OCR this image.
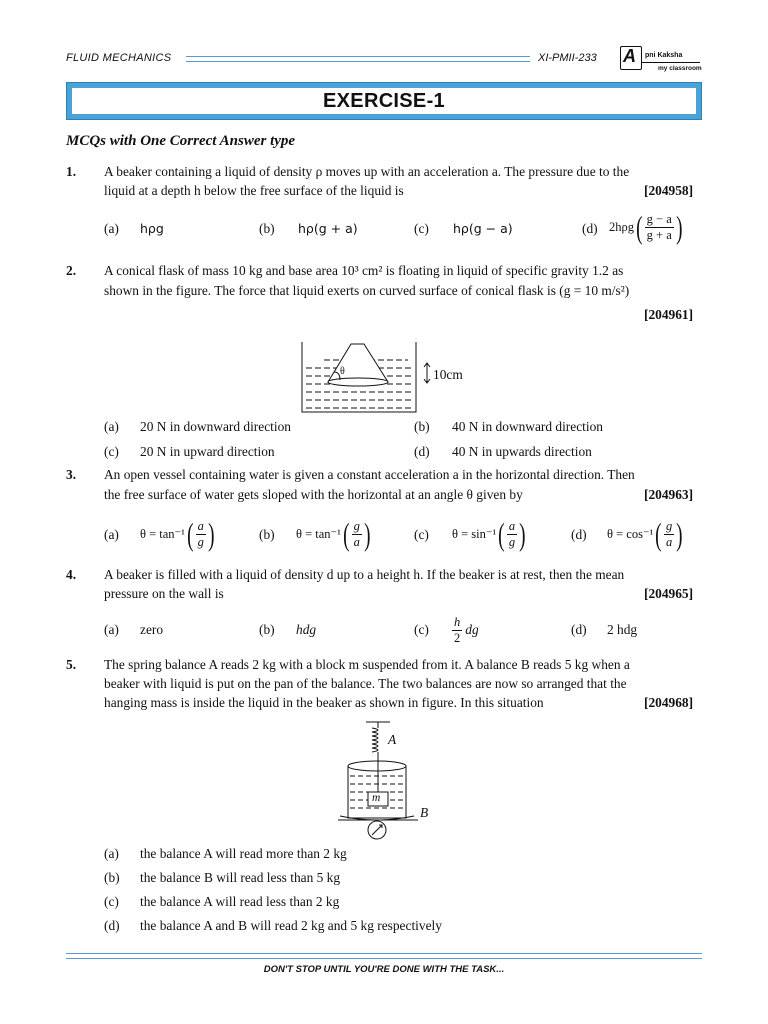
FLUID MECHANICS	XI-PMII-233 A pni Kaksha
my classroom
EXERCISE-1
MCQs with One Correct Answer type
1. A beaker containing a liquid of density ρ moves up with an acceleration a. The pressure due to the
liquid at a depth h below the free surface of the liquid is	[204958]
(a) hρg	(b) hρ(g + a)	(c) hρ(g − a)	(d) 2hρg ( $\frac{g - a}{g + a}$ )
2. A conical flask of mass 10 kg and base area 10³ cm² is floating in liquid of specific gravity 1.2 as
shown in the figure. The force that liquid exerts on curved surface of conical flask is (g = 10 m/s²)
[204961]
θ	10cm
(a) 20 N in downward direction	(b) 40 N in downward direction
(c) 20 N in upward direction	(d) 40 N in upwards direction
3. An open vessel containing water is given a constant acceleration a in the horizontal direction. Then
the free surface of water gets sloped with the horizontal at an angle θ given by	[204963]
(a) θ = tan⁻¹ ( $\frac{a}{g}$ )	(b) θ = tan⁻¹ ( $\frac{g}{a}$ )	(c) θ = sin⁻¹ ( $\frac{a}{g}$ )	(d) θ = cos⁻¹ ( $\frac{g}{a}$ )
4. A beaker is filled with a liquid of density d up to a height h. If the beaker is at rest, then the mean
pressure on the wall is	[204965]
(a) zero	(b) hdg	$(c) \frac{h}{2}$ dg	(d) 2 hdg
5. The spring balance A reads 2 kg with a block m suspended from it. A balance B reads 5 kg when a
beaker with liquid is put on the pan of the balance. The two balances are now so arranged that the
hanging mass is inside the liquid in the beaker as shown in figure. In this situation	[204968]
A
m
B
(a) the balance A will read more than 2 kg
(b) the balance B will read less than 5 kg
(c) the balance A will read less than 2 kg
(d) the balance A and B will read 2 kg and 5 kg respectively
DON'T STOP UNTIL YOU'RE DONE WITH THE TASK...
